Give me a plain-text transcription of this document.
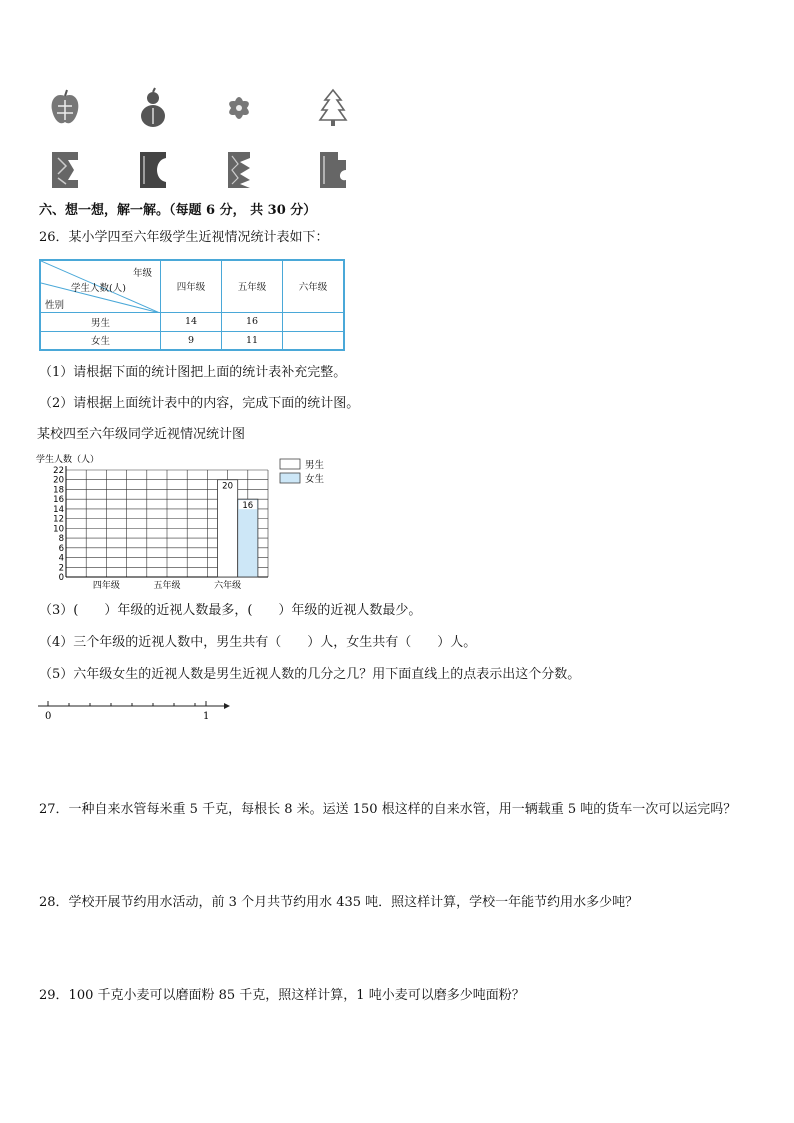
六、想一想，解一解。（每题 6 分， 共 30 分）
26．某小学四至六年级学生近视情况统计表如下：
年级
学生人数(人)
性别	四年级	五年级	六年级
男生	14	16	
女生	9	11	
（1）请根据下面的统计图把上面的统计表补充完整。
（2）请根据上面统计表中的内容，完成下面的统计图。
某校四至六年级同学近视情况统计图
学生人数（人）
0
2
4
6
8
10
12
14
16
18
20
22
四年级	五年级	六年级
20
16
男生
女生
（3）(　　）年级的近视人数最多，(　　）年级的近视人数最少。
（4）三个年级的近视人数中，男生共有（　　）人，女生共有（　　）人。
（5）六年级女生的近视人数是男生近视人数的几分之几？用下面直线上的点表示出这个分数。
0	1
27．一种自来水管每米重 5 千克，每根长 8 米。运送 150 根这样的自来水管，用一辆载重 5 吨的货车一次可以运完吗？
28．学校开展节约用水活动，前 3 个月共节约用水 435 吨．照这样计算，学校一年能节约用水多少吨？
29．100 千克小麦可以磨面粉 85 千克，照这样计算，1 吨小麦可以磨多少吨面粉？
